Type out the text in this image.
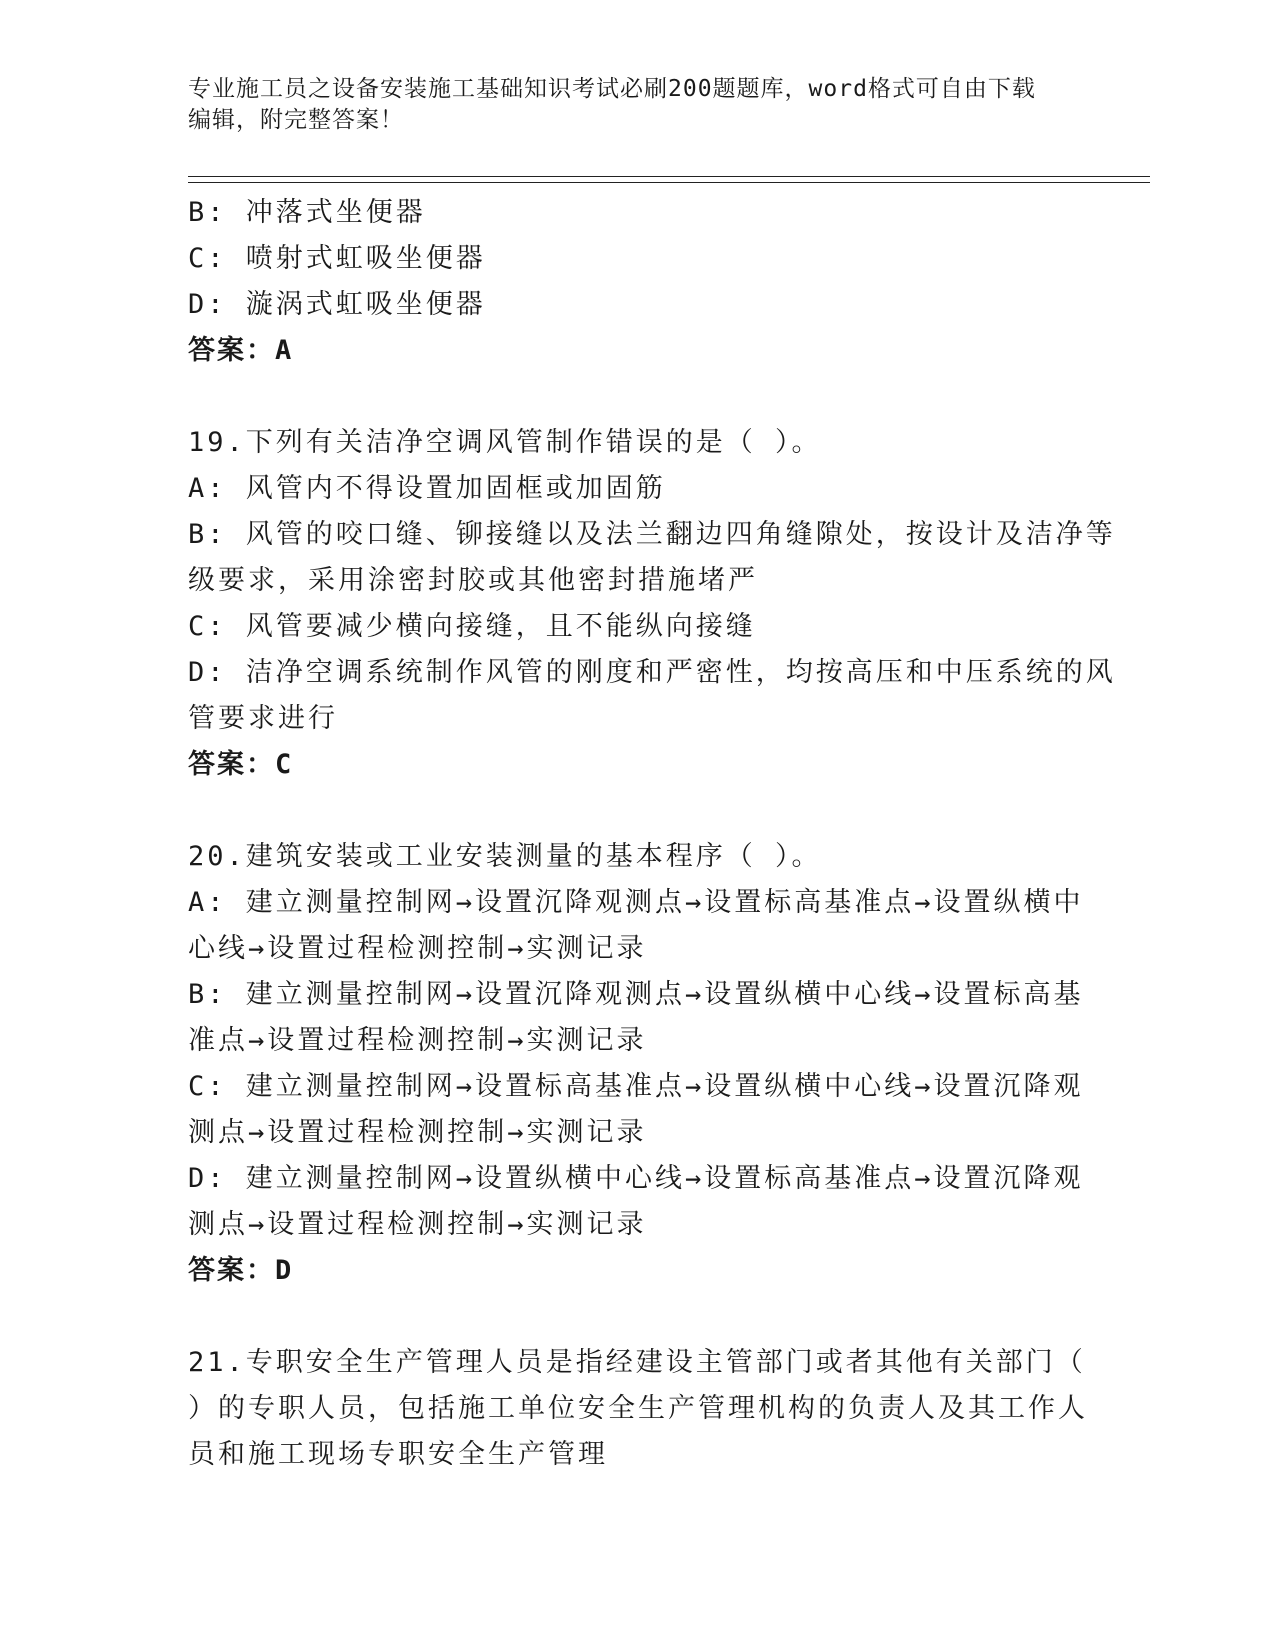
专业施工员之设备安装施工基础知识考试必刷200题题库，word格式可自由下载
编辑，附完整答案！
B: 冲落式坐便器
C: 喷射式虹吸坐便器
D: 漩涡式虹吸坐便器
答案：A
19.下列有关洁净空调风管制作错误的是（ ）。
A: 风管内不得设置加固框或加固筋
B: 风管的咬口缝、铆接缝以及法兰翻边四角缝隙处，按设计及洁净等
级要求，采用涂密封胶或其他密封措施堵严
C: 风管要减少横向接缝，且不能纵向接缝
D: 洁净空调系统制作风管的刚度和严密性，均按高压和中压系统的风
管要求进行
答案：C
20.建筑安装或工业安装测量的基本程序（ ）。
A: 建立测量控制网→设置沉降观测点→设置标高基准点→设置纵横中
心线→设置过程检测控制→实测记录
B: 建立测量控制网→设置沉降观测点→设置纵横中心线→设置标高基
准点→设置过程检测控制→实测记录
C: 建立测量控制网→设置标高基准点→设置纵横中心线→设置沉降观
测点→设置过程检测控制→实测记录
D: 建立测量控制网→设置纵横中心线→设置标高基准点→设置沉降观
测点→设置过程检测控制→实测记录
答案：D
21.专职安全生产管理人员是指经建设主管部门或者其他有关部门（
）的专职人员，包括施工单位安全生产管理机构的负责人及其工作人
员和施工现场专职安全生产管理
